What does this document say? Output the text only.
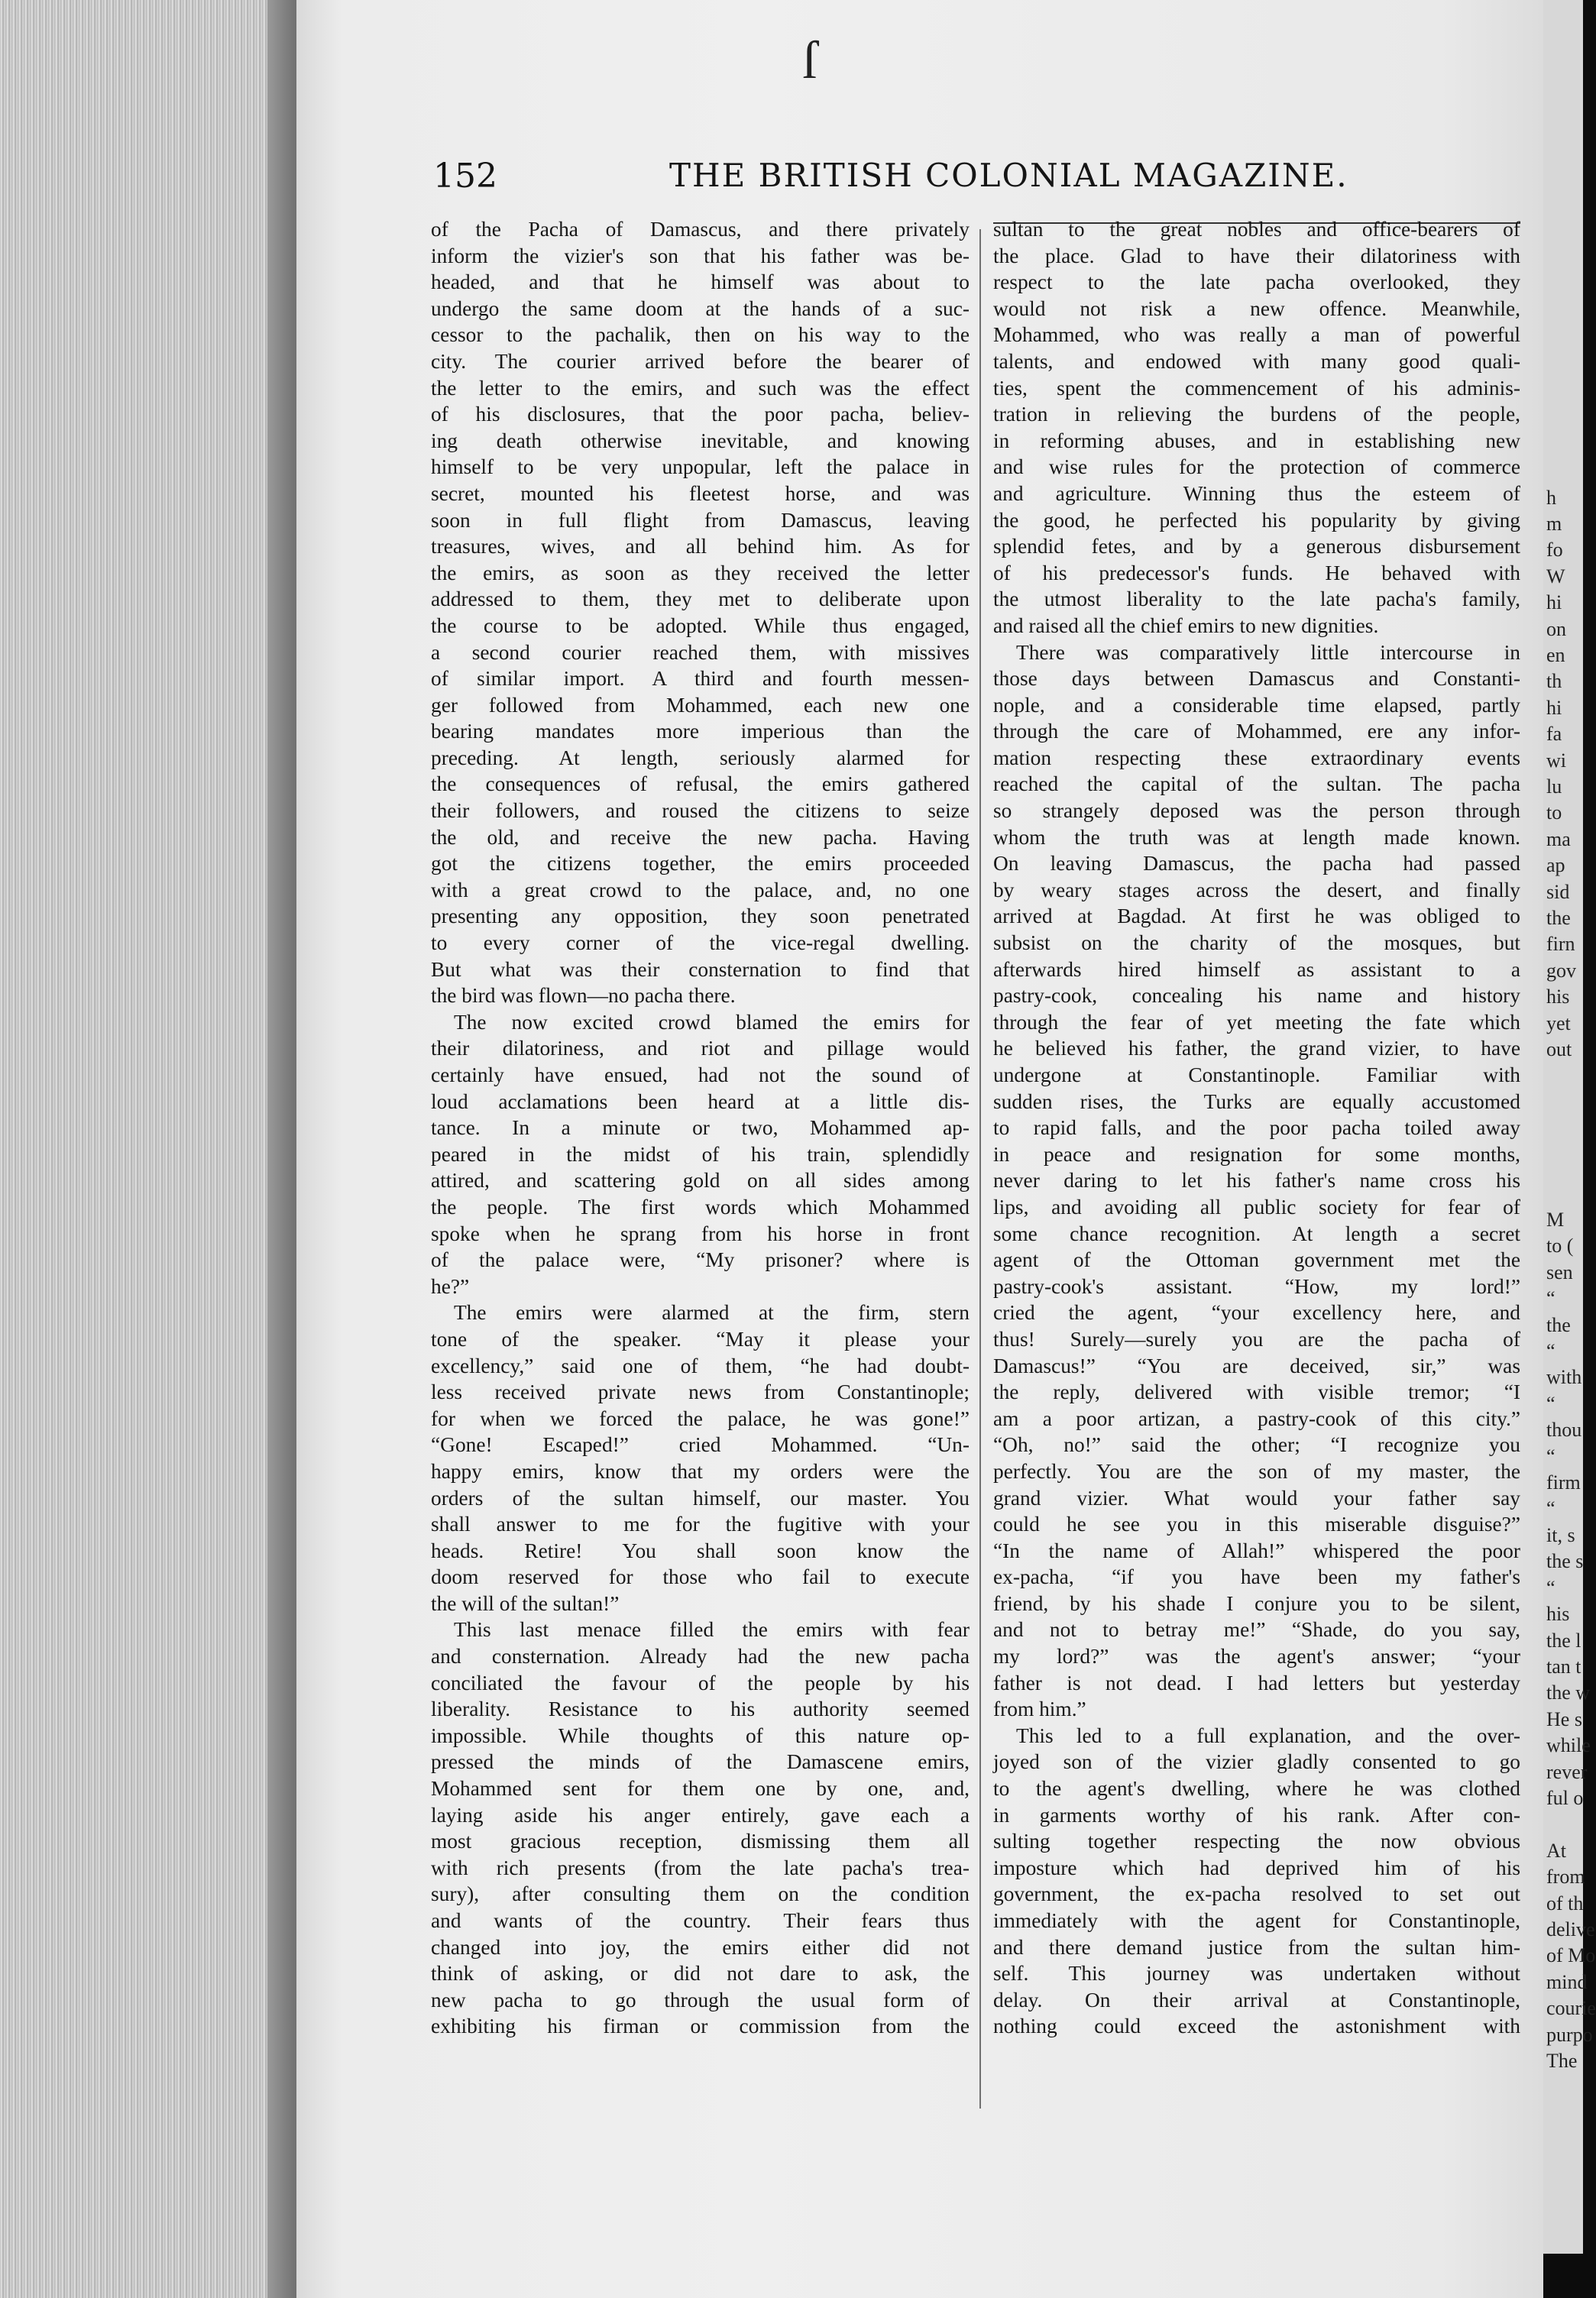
h
m
fo
W
hi
on
en
th
hi
fa
wi
lu
to
ma
ap
sid
the
firn
gov
his
yet
out
M
to (
sen
“
the
“
with
“
thou
“
firm
“
it, s
the s
“
his
the l
tan t
the w
He s
while
rever
ful o

At
from
of th
delive
of Mo
mind
courie
purpo
The
ſ
152	THE BRITISH COLONIAL MAGAZINE.
of the Pacha of Damascus, and there privately
inform the vizier's son that his father was be-
headed, and that he himself was about to
undergo the same doom at the hands of a suc-
cessor to the pachalik, then on his way to the
city. The courier arrived before the bearer of
the letter to the emirs, and such was the effect
of his disclosures, that the poor pacha, believ-
ing death otherwise inevitable, and knowing
himself to be very unpopular, left the palace in
secret, mounted his fleetest horse, and was
soon in full flight from Damascus, leaving
treasures, wives, and all behind him. As for
the emirs, as soon as they received the letter
addressed to them, they met to deliberate upon
the course to be adopted. While thus engaged,
a second courier reached them, with missives
of similar import. A third and fourth messen-
ger followed from Mohammed, each new one
bearing mandates more imperious than the
preceding. At length, seriously alarmed for
the consequences of refusal, the emirs gathered
their followers, and roused the citizens to seize
the old, and receive the new pacha. Having
got the citizens together, the emirs proceeded
with a great crowd to the palace, and, no one
presenting any opposition, they soon penetrated
to every corner of the vice-regal dwelling.
But what was their consternation to find that
the bird was flown—no pacha there.
The now excited crowd blamed the emirs for
their dilatoriness, and riot and pillage would
certainly have ensued, had not the sound of
loud acclamations been heard at a little dis-
tance. In a minute or two, Mohammed ap-
peared in the midst of his train, splendidly
attired, and scattering gold on all sides among
the people. The first words which Mohammed
spoke when he sprang from his horse in front
of the palace were, “My prisoner? where is
he?”
The emirs were alarmed at the firm, stern
tone of the speaker. “May it please your
excellency,” said one of them, “he had doubt-
less received private news from Constantinople;
for when we forced the palace, he was gone!”
“Gone! Escaped!” cried Mohammed. “Un-
happy emirs, know that my orders were the
orders of the sultan himself, our master. You
shall answer to me for the fugitive with your
heads. Retire! You shall soon know the
doom reserved for those who fail to execute
the will of the sultan!”
This last menace filled the emirs with fear
and consternation. Already had the new pacha
conciliated the favour of the people by his
liberality. Resistance to his authority seemed
impossible. While thoughts of this nature op-
pressed the minds of the Damascene emirs,
Mohammed sent for them one by one, and,
laying aside his anger entirely, gave each a
most gracious reception, dismissing them all
with rich presents (from the late pacha's trea-
sury), after consulting them on the condition
and wants of the country. Their fears thus
changed into joy, the emirs either did not
think of asking, or did not dare to ask, the
new pacha to go through the usual form of
exhibiting his firman or commission from the
sultan to the great nobles and office-bearers of
the place. Glad to have their dilatoriness with
respect to the late pacha overlooked, they
would not risk a new offence. Meanwhile,
Mohammed, who was really a man of powerful
talents, and endowed with many good quali-
ties, spent the commencement of his adminis-
tration in relieving the burdens of the people,
in reforming abuses, and in establishing new
and wise rules for the protection of commerce
and agriculture. Winning thus the esteem of
the good, he perfected his popularity by giving
splendid fetes, and by a generous disbursement
of his predecessor's funds. He behaved with
the utmost liberality to the late pacha's family,
and raised all the chief emirs to new dignities.
There was comparatively little intercourse in
those days between Damascus and Constanti-
nople, and a considerable time elapsed, partly
through the care of Mohammed, ere any infor-
mation respecting these extraordinary events
reached the capital of the sultan. The pacha
so strangely deposed was the person through
whom the truth was at length made known.
On leaving Damascus, the pacha had passed
by weary stages across the desert, and finally
arrived at Bagdad. At first he was obliged to
subsist on the charity of the mosques, but
afterwards hired himself as assistant to a
pastry-cook, concealing his name and history
through the fear of yet meeting the fate which
he believed his father, the grand vizier, to have
undergone at Constantinople. Familiar with
sudden rises, the Turks are equally accustomed
to rapid falls, and the poor pacha toiled away
in peace and resignation for some months,
never daring to let his father's name cross his
lips, and avoiding all public society for fear of
some chance recognition. At length a secret
agent of the Ottoman government met the
pastry-cook's assistant. “How, my lord!”
cried the agent, “your excellency here, and
thus! Surely—surely you are the pacha of
Damascus!” “You are deceived, sir,” was
the reply, delivered with visible tremor; “I
am a poor artizan, a pastry-cook of this city.”
“Oh, no!” said the other; “I recognize you
perfectly. You are the son of my master, the
grand vizier. What would your father say
could he see you in this miserable disguise?”
“In the name of Allah!” whispered the poor
ex-pacha, “if you have been my father's
friend, by his shade I conjure you to be silent,
and not to betray me!” “Shade, do you say,
my lord?” was the agent's answer; “your
father is not dead. I had letters but yesterday
from him.”
This led to a full explanation, and the over-
joyed son of the vizier gladly consented to go
to the agent's dwelling, where he was clothed
in garments worthy of his rank. After con-
sulting together respecting the now obvious
imposture which had deprived him of his
government, the ex-pacha resolved to set out
immediately with the agent for Constantinople,
and there demand justice from the sultan him-
self. This journey was undertaken without
delay. On their arrival at Constantinople,
nothing could exceed the astonishment with
